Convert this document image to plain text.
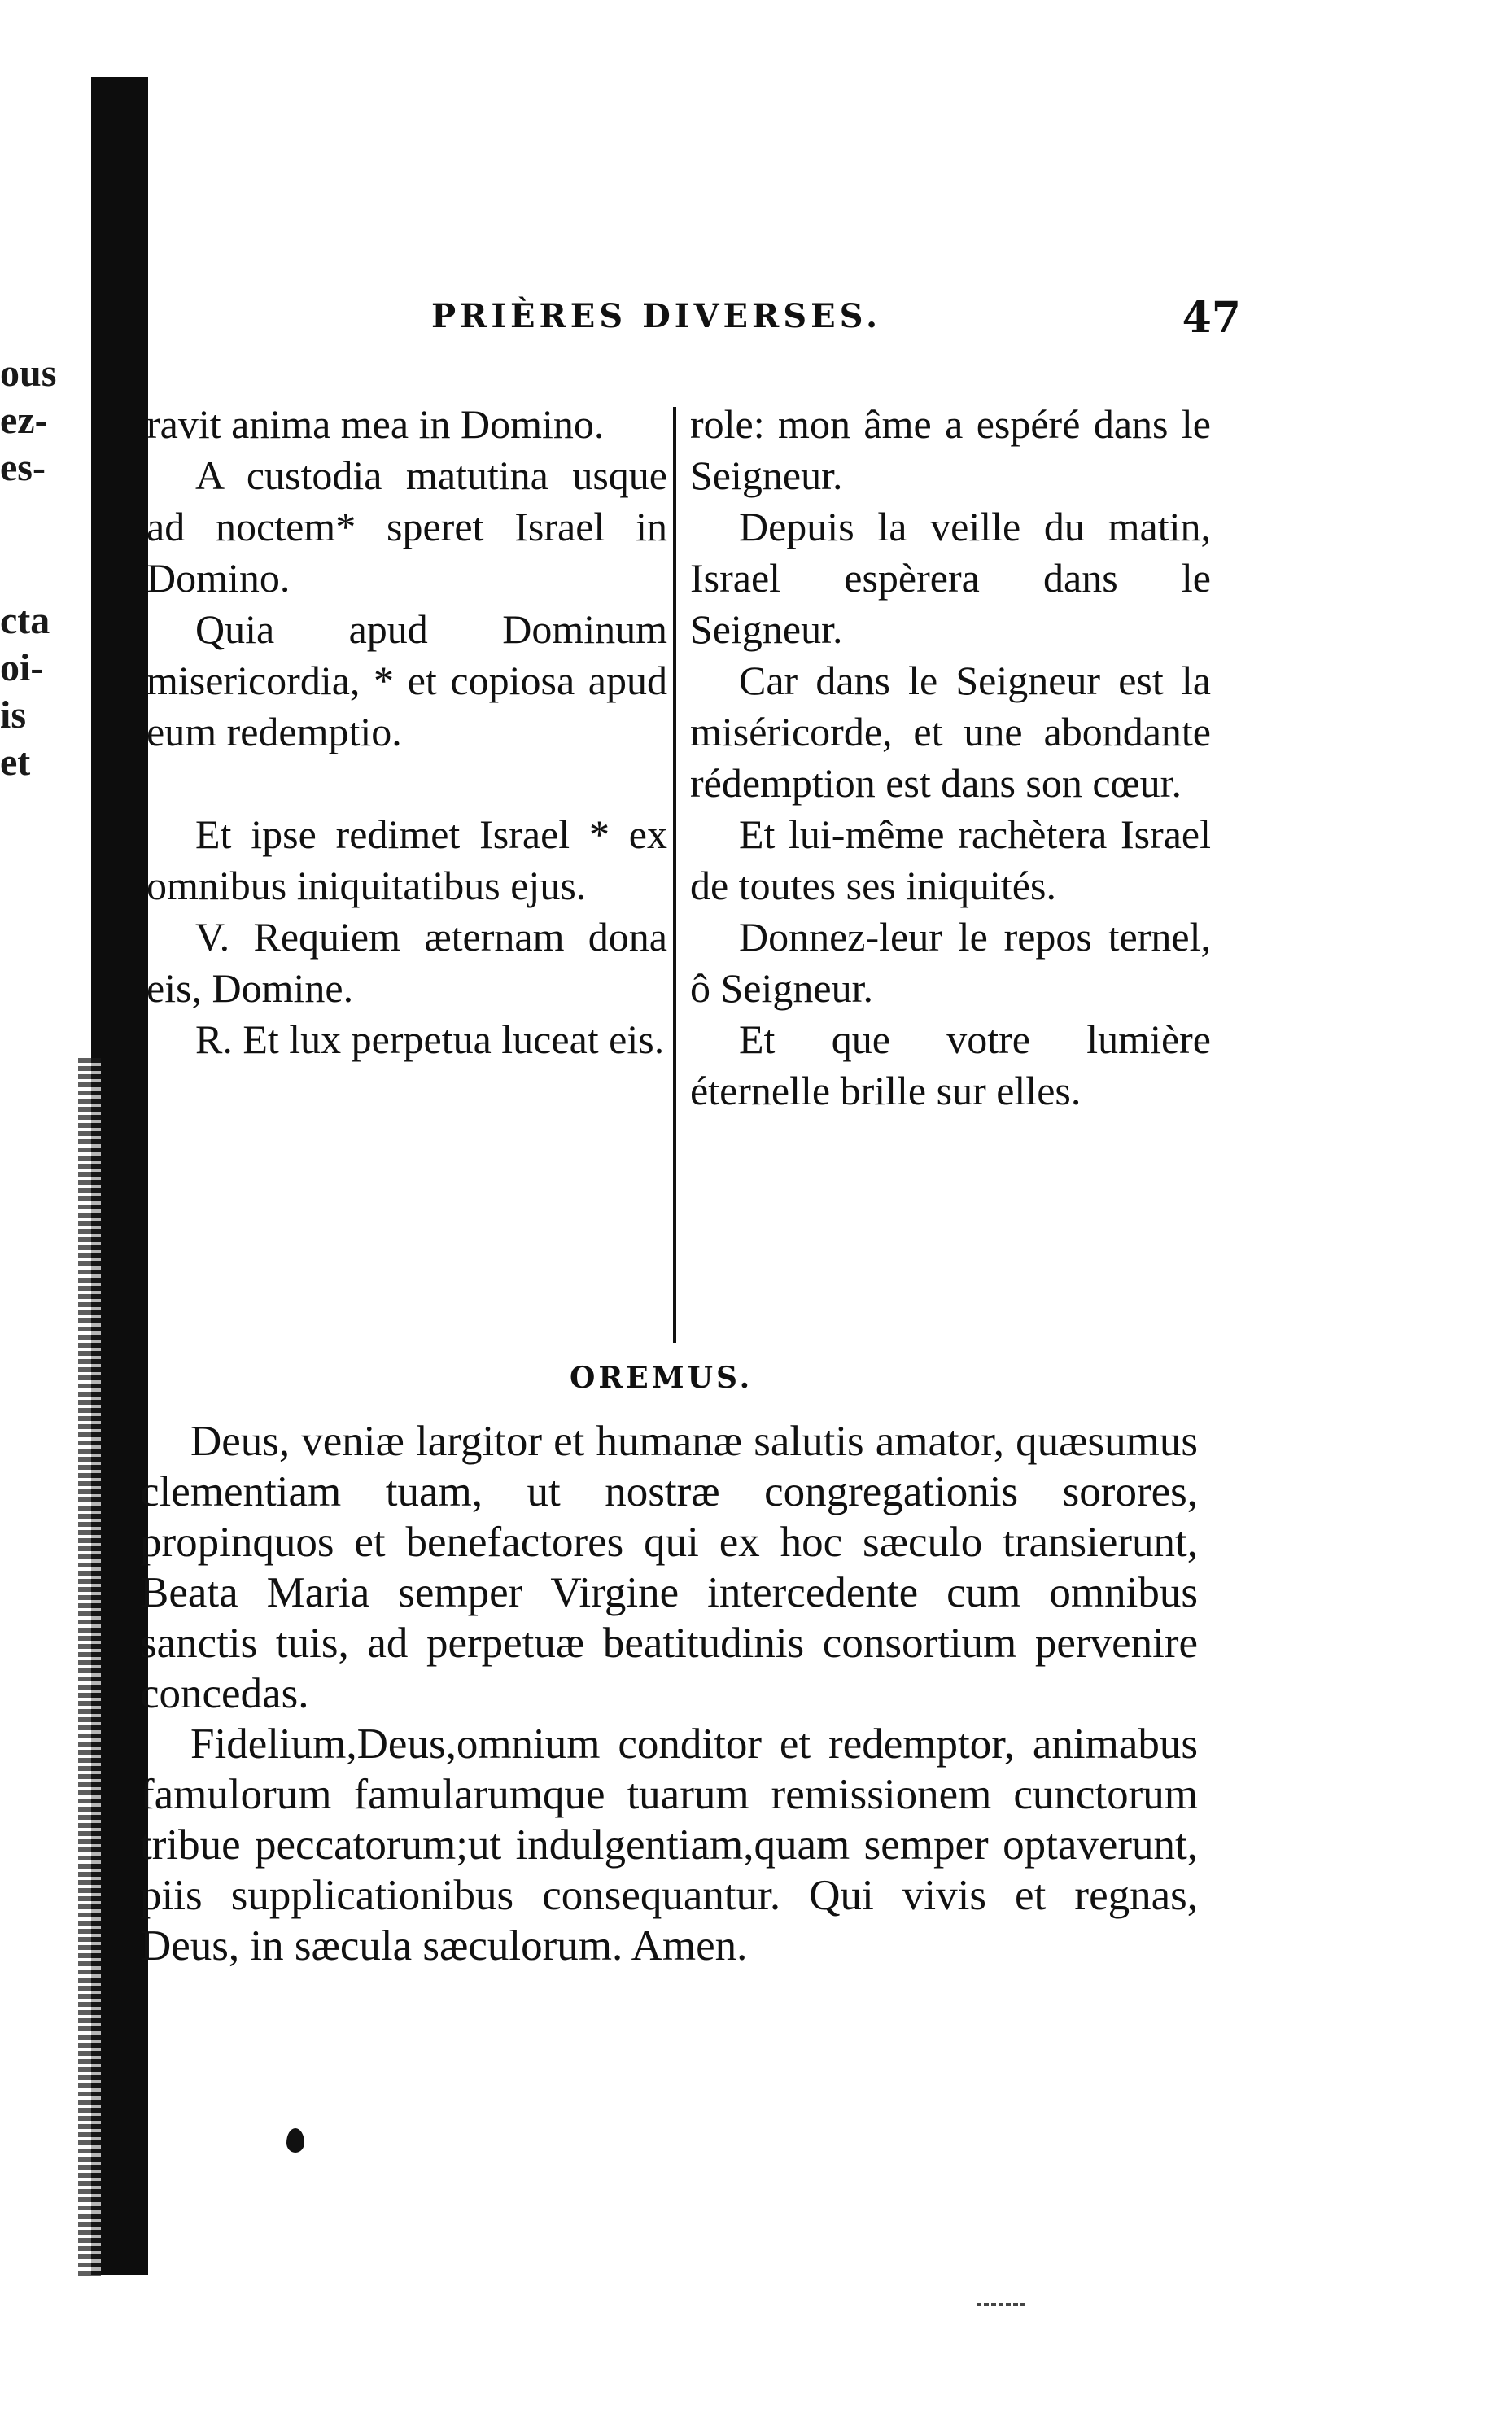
ous
ez-
es-
cta
oi-
is
et
PRIÈRES DIVERSES.	47

ravit anima mea in Domino.

A custodia matutina usque ad noctem* speret Israel in Domino.

Quia apud Dominum misericordia, * et copiosa apud eum redemptio.

Et ipse redimet Israel * ex omnibus iniquitatibus ejus.

V. Requiem æternam dona eis, Domine.

R. Et lux perpetua luceat eis.

role: mon âme a espéré dans le Seigneur.

Depuis la veille du matin, Israel espèrera dans le Seigneur.

Car dans le Seigneur est la miséricorde, et une abondante rédemption est dans son cœur.

Et lui-même rachètera Israel de toutes ses iniquités.

Donnez-leur le repos ternel, ô Seigneur.

Et que votre lumière éternelle brille sur elles.

OREMUS.

Deus, veniæ largitor et humanæ salutis amator, quæsumus clementiam tuam, ut nostræ congregationis sorores, propinquos et benefactores qui ex hoc sæculo transierunt, Beata Maria semper Virgine intercedente cum omnibus sanctis tuis, ad perpetuæ beatitudinis consortium pervenire concedas.

Fidelium,Deus,omnium conditor et redemptor, animabus famulorum famularumque tuarum remissionem cunctorum tribue peccatorum;ut indulgentiam,quam semper optaverunt, piis supplicationibus consequantur. Qui vivis et regnas, Deus, in sæcula sæculorum. Amen.
